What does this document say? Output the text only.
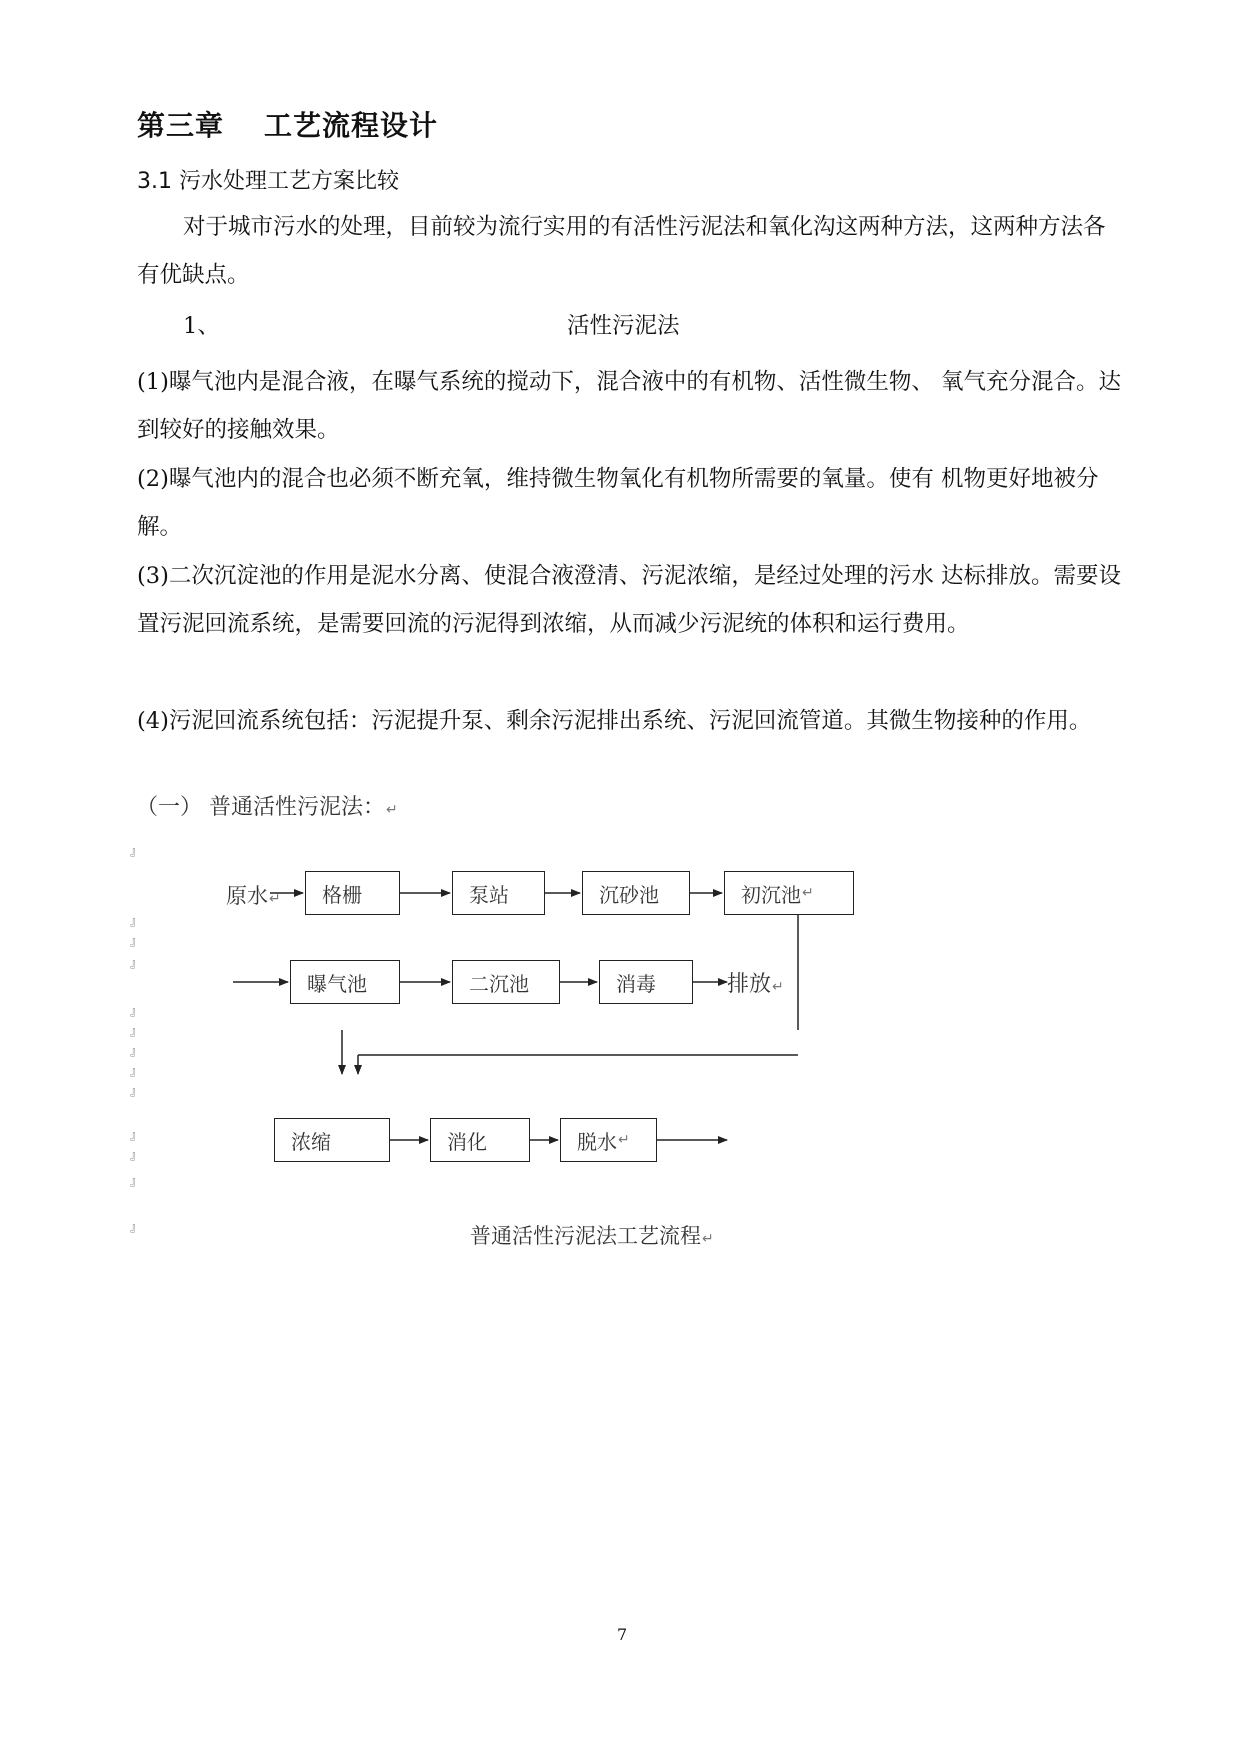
第三章 工艺流程设计
3.1 污水处理工艺方案比较
对于城市污水的处理，目前较为流行实用的有活性污泥法和氧化沟这两种方法，这两种方法各有优缺点。
1、	活性污泥法
(1)曝气池内是混合液，在曝气系统的搅动下，混合液中的有机物、活性微生物、 氧气充分混合。达到较好的接触效果。
(2)曝气池内的混合也必须不断充氧，维持微生物氧化有机物所需要的氧量。使有 机物更好地被分解。
(3)二次沉淀池的作用是泥水分离、使混合液澄清、污泥浓缩，是经过处理的污水 达标排放。需要设置污泥回流系统，是需要回流的污泥得到浓缩，从而减少污泥统的体积和运行费用。
(4)污泥回流系统包括：污泥提升泵、剩余污泥排出系统、污泥回流管道。其微生物接种的作用。
（一） 普通活性污泥法：↵
原水↵	格栅	泵站	沉砂池	初沉池 ↵
曝气池	二沉池	消毒	排放↵
浓缩	消化	脱水 ↵
普通活性污泥法工艺流程↵
』
』
』
』
』
』
』
』
』
』
』
』
』
7
